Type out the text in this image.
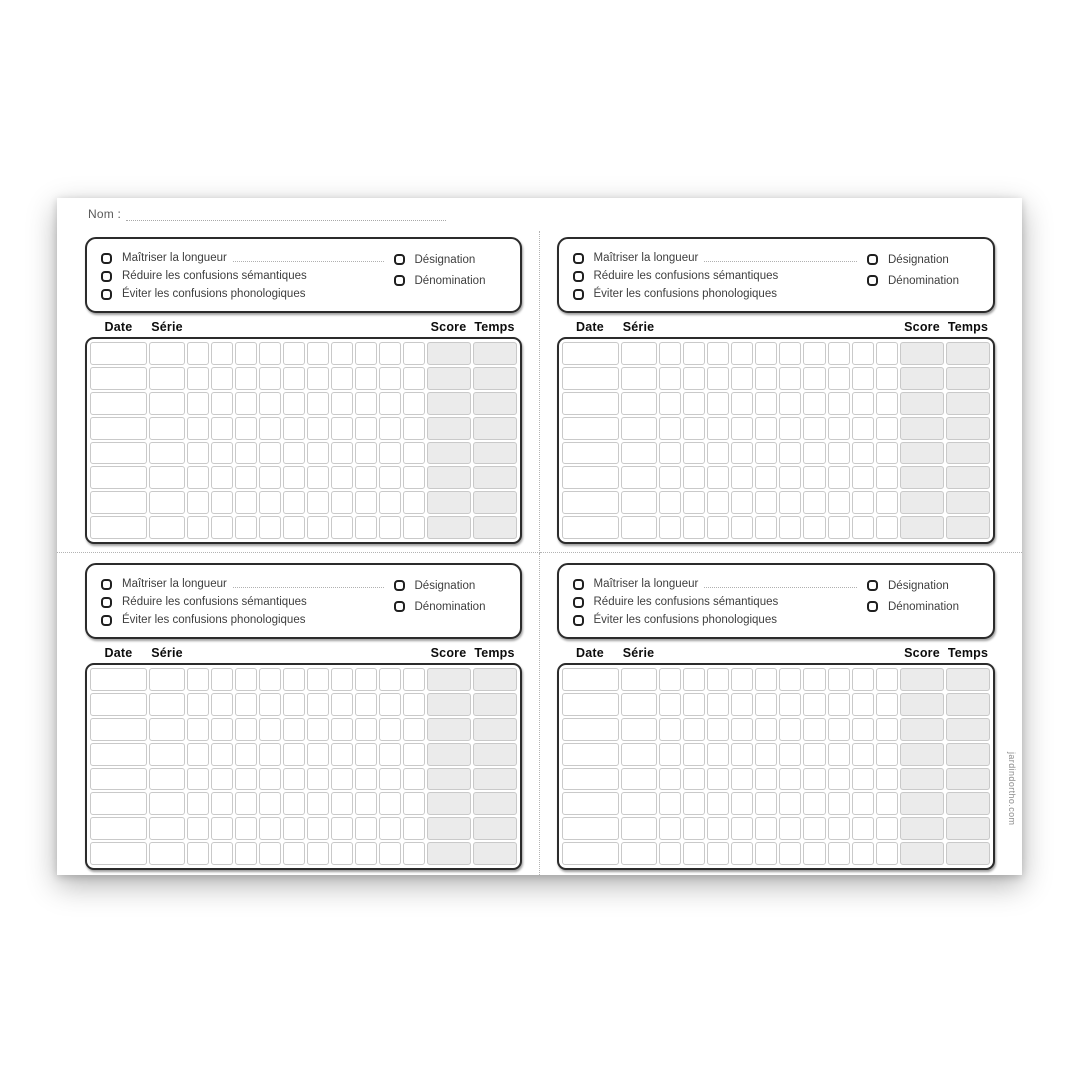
Nom :
Maîtriser la longueur
Réduire les confusions sémantiques
Éviter les confusions phonologiques
Désignation
Dénomination
Date	Série	Score Temps
Maîtriser la longueur
Réduire les confusions sémantiques
Éviter les confusions phonologiques
Désignation
Dénomination
Date	Série	Score Temps
Maîtriser la longueur
Réduire les confusions sémantiques
Éviter les confusions phonologiques
Désignation
Dénomination
Date	Série	Score Temps
Maîtriser la longueur
Réduire les confusions sémantiques
Éviter les confusions phonologiques
Désignation
Dénomination
Date	Série	Score Temps
jardindortho.com
